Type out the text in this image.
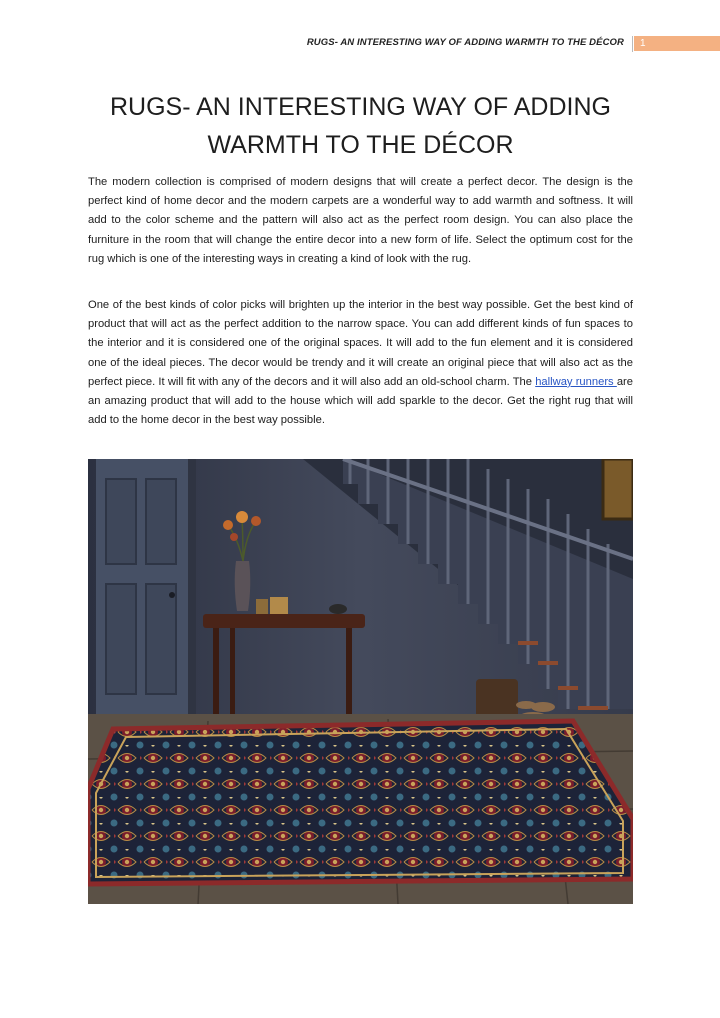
RUGS- AN INTERESTING WAY OF ADDING WARMTH TO THE DÉCOR	1
RUGS- AN INTERESTING WAY OF ADDING
WARMTH TO THE DÉCOR

The modern collection is comprised of modern designs that will create a perfect decor. The design is the perfect kind of home decor and the modern carpets are a wonderful way to add warmth and softness. It will add to the color scheme and the pattern will also act as the perfect room design. You can also place the furniture in the room that will change the entire decor into a new form of life. Select the optimum cost for the rug which is one of the interesting ways in creating a kind of look with the rug.

One of the best kinds of color picks will brighten up the interior in the best way possible. Get the best kind of product that will act as the perfect addition to the narrow space. You can add different kinds of fun spaces to the interior and it is considered one of the original spaces. It will add to the fun element and it is considered one of the ideal pieces. The decor would be trendy and it will create an original piece that will also act as the perfect piece. It will fit with any of the decors and it will also add an old-school charm. The hallway runners are an amazing product that will add to the house which will add sparkle to the decor. Get the right rug that will add to the home decor in the best way possible.
